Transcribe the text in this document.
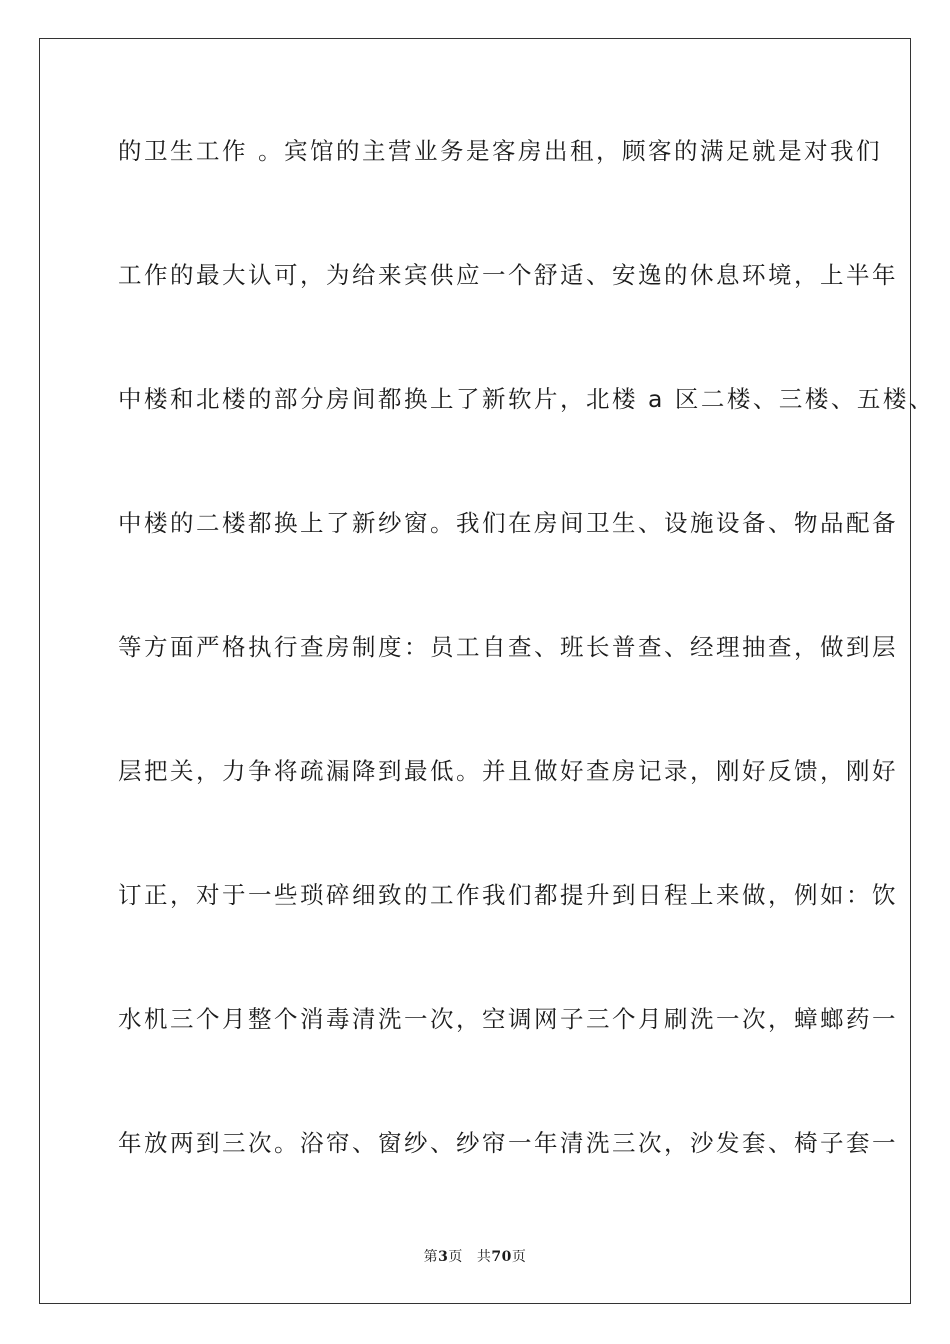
的卫生工作 。宾馆的主营业务是客房出租，顾客的满足就是对我们
工作的最大认可，为给来宾供应一个舒适、安逸的休息环境，上半年
中楼和北楼的部分房间都换上了新软片，北楼 a 区二楼、三楼、五楼、
中楼的二楼都换上了新纱窗。我们在房间卫生、设施设备、物品配备
等方面严格执行查房制度：员工自查、班长普查、经理抽查，做到层
层把关，力争将疏漏降到最低。并且做好查房记录，刚好反馈，刚好
订正，对于一些琐碎细致的工作我们都提升到日程上来做，例如：饮
水机三个月整个消毒清洗一次，空调网子三个月刷洗一次，蟑螂药一
年放两到三次。浴帘、窗纱、纱帘一年清洗三次，沙发套、椅子套一
第3页 共70页
